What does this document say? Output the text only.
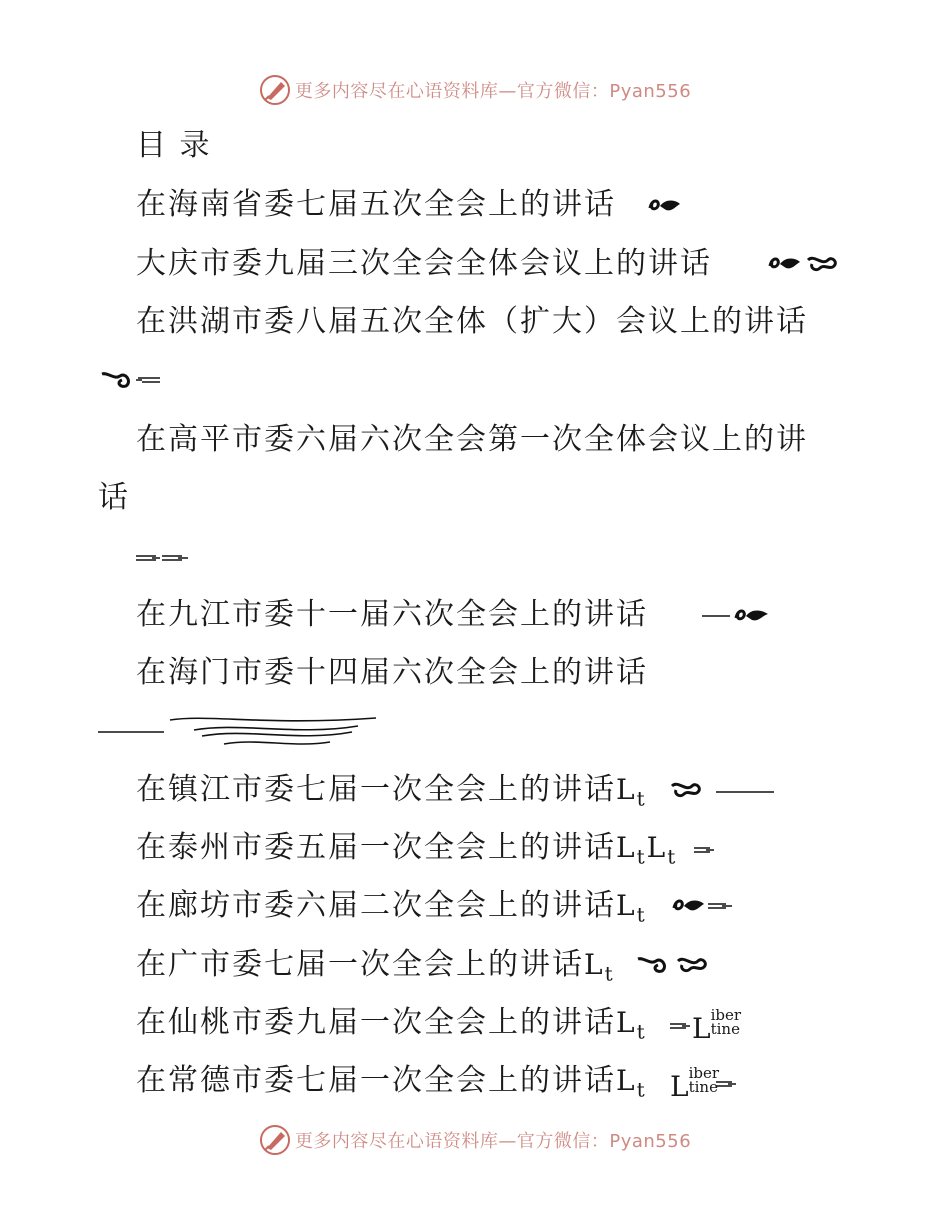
更多内容尽在心语资料库—官方微信：Pyan556
目 录
在海南省委七届五次全会上的讲话
大庆市委九届三次全会全体会议上的讲话
在洪湖市委八届五次全体（扩大）会议上的讲话
在高平市委六届六次全会第一次全体会议上的讲
话
在九江市委十一届六次全会上的讲话
在海门市委十四届六次全会上的讲话
在镇江市委七届一次全会上的讲话$L_t$
在泰州市委五届一次全会上的讲话$L_tL_t$
在廊坊市委六届二次全会上的讲话$L_t$
在广市委七届一次全会上的讲话$L_t$
在仙桃市委九届一次全会上的讲话$L_t$ L iber
tine
在常德市委七届一次全会上的讲话$L_t$ L iber
tine
更多内容尽在心语资料库—官方微信：Pyan556
